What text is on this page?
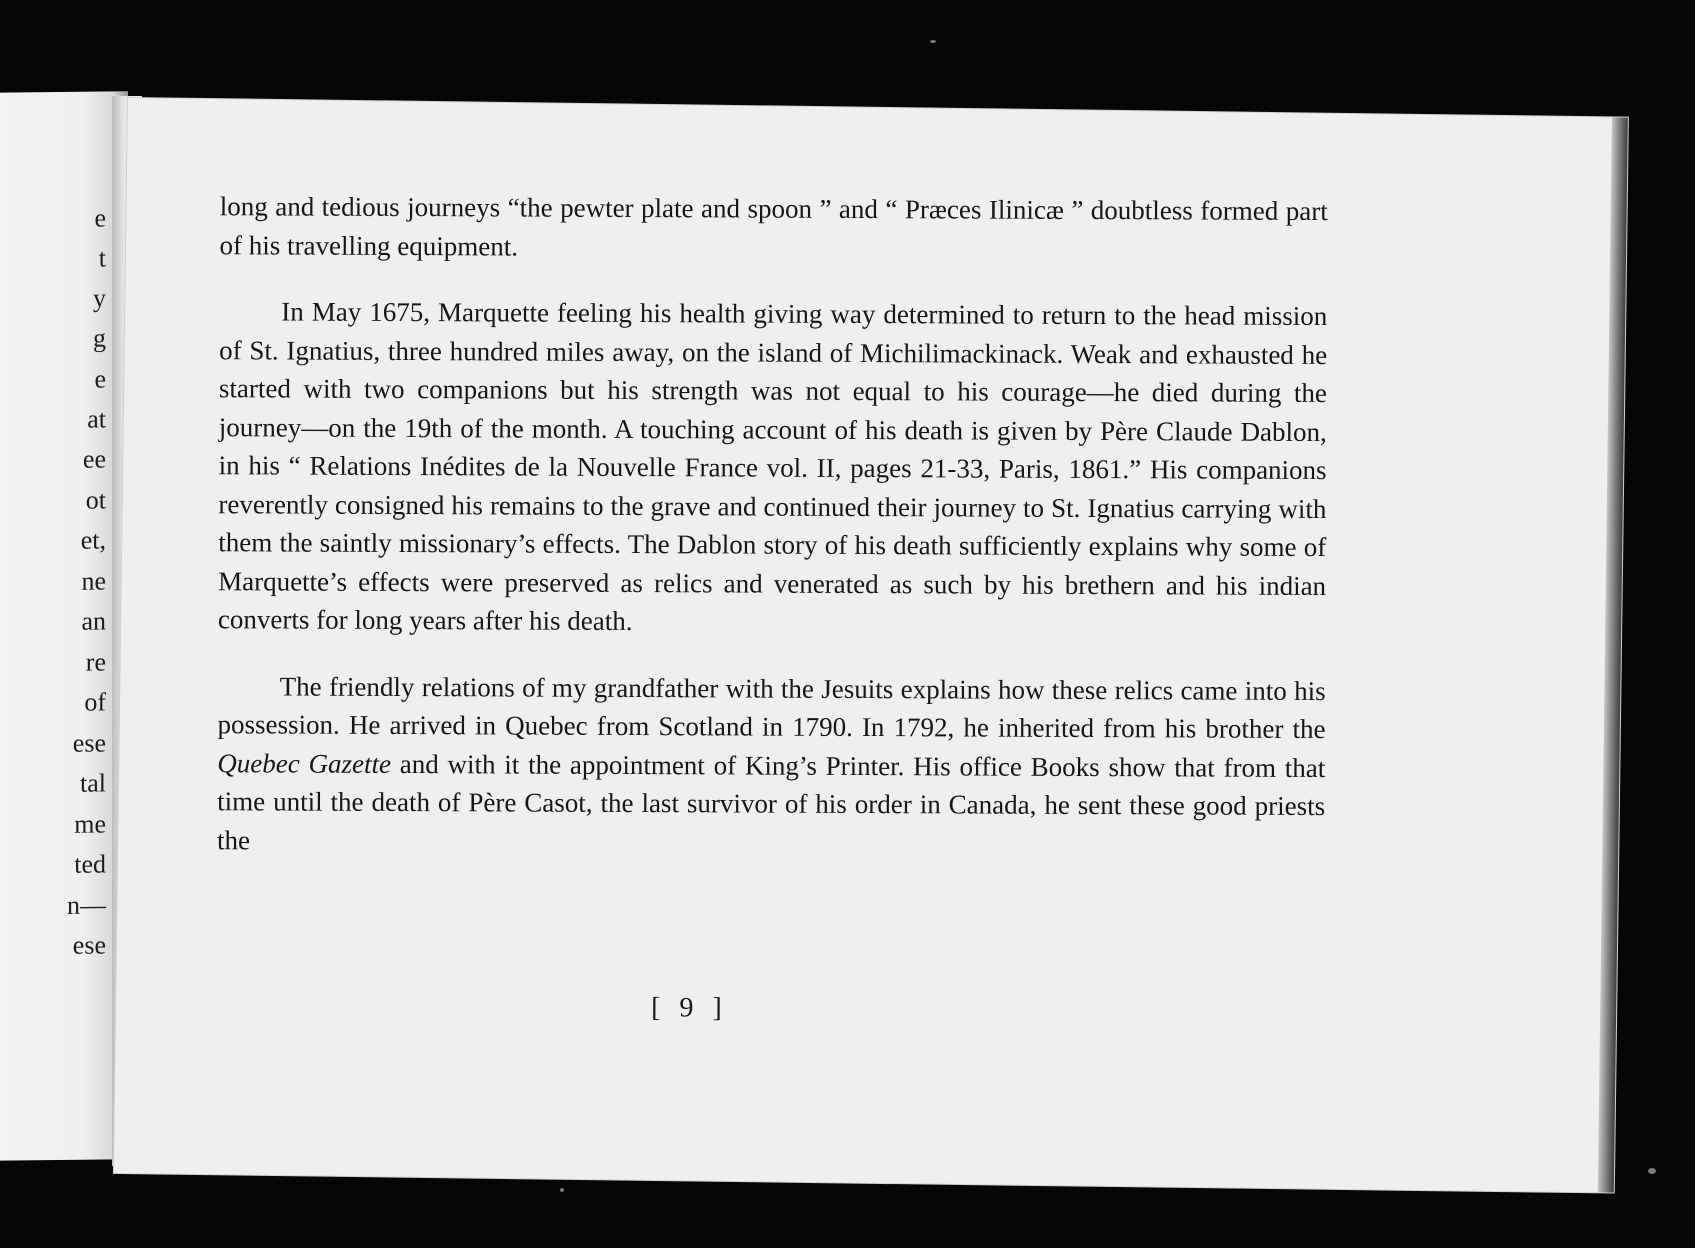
e
t
y
g
e
at
ee
ot
et,
ne
an
re
of
ese
tal
me
ted
n—
ese

long and tedious journeys “the pewter plate and spoon ” and “ Præces Ilinicæ ” doubtless formed part of his travelling equipment.

In May 1675, Marquette feeling his health giving way determined to return to the head mission of St. Ignatius, three hundred miles away, on the island of Michilimackinack. Weak and exhausted he started with two companions but his strength was not equal to his courage—he died during the journey—on the 19th of the month. A touching account of his death is given by Père Claude Dablon, in his “ Relations Inédites de la Nouvelle France vol. II, pages 21-33, Paris, 1861.” His companions reverently consigned his remains to the grave and continued their journey to St. Ignatius carrying with them the saintly missionary’s effects. The Dablon story of his death sufficiently explains why some of Marquette’s effects were preserved as relics and venerated as such by his brethern and his indian converts for long years after his death.

The friendly relations of my grandfather with the Jesuits explains how these relics came into his possession. He arrived in Quebec from Scotland in 1790. In 1792, he inherited from his brother the Quebec Gazette and with it the appointment of King’s Printer. His office Books show that from that time until the death of Père Casot, the last survivor of his order in Canada, he sent these good priests the

[ 9 ]
